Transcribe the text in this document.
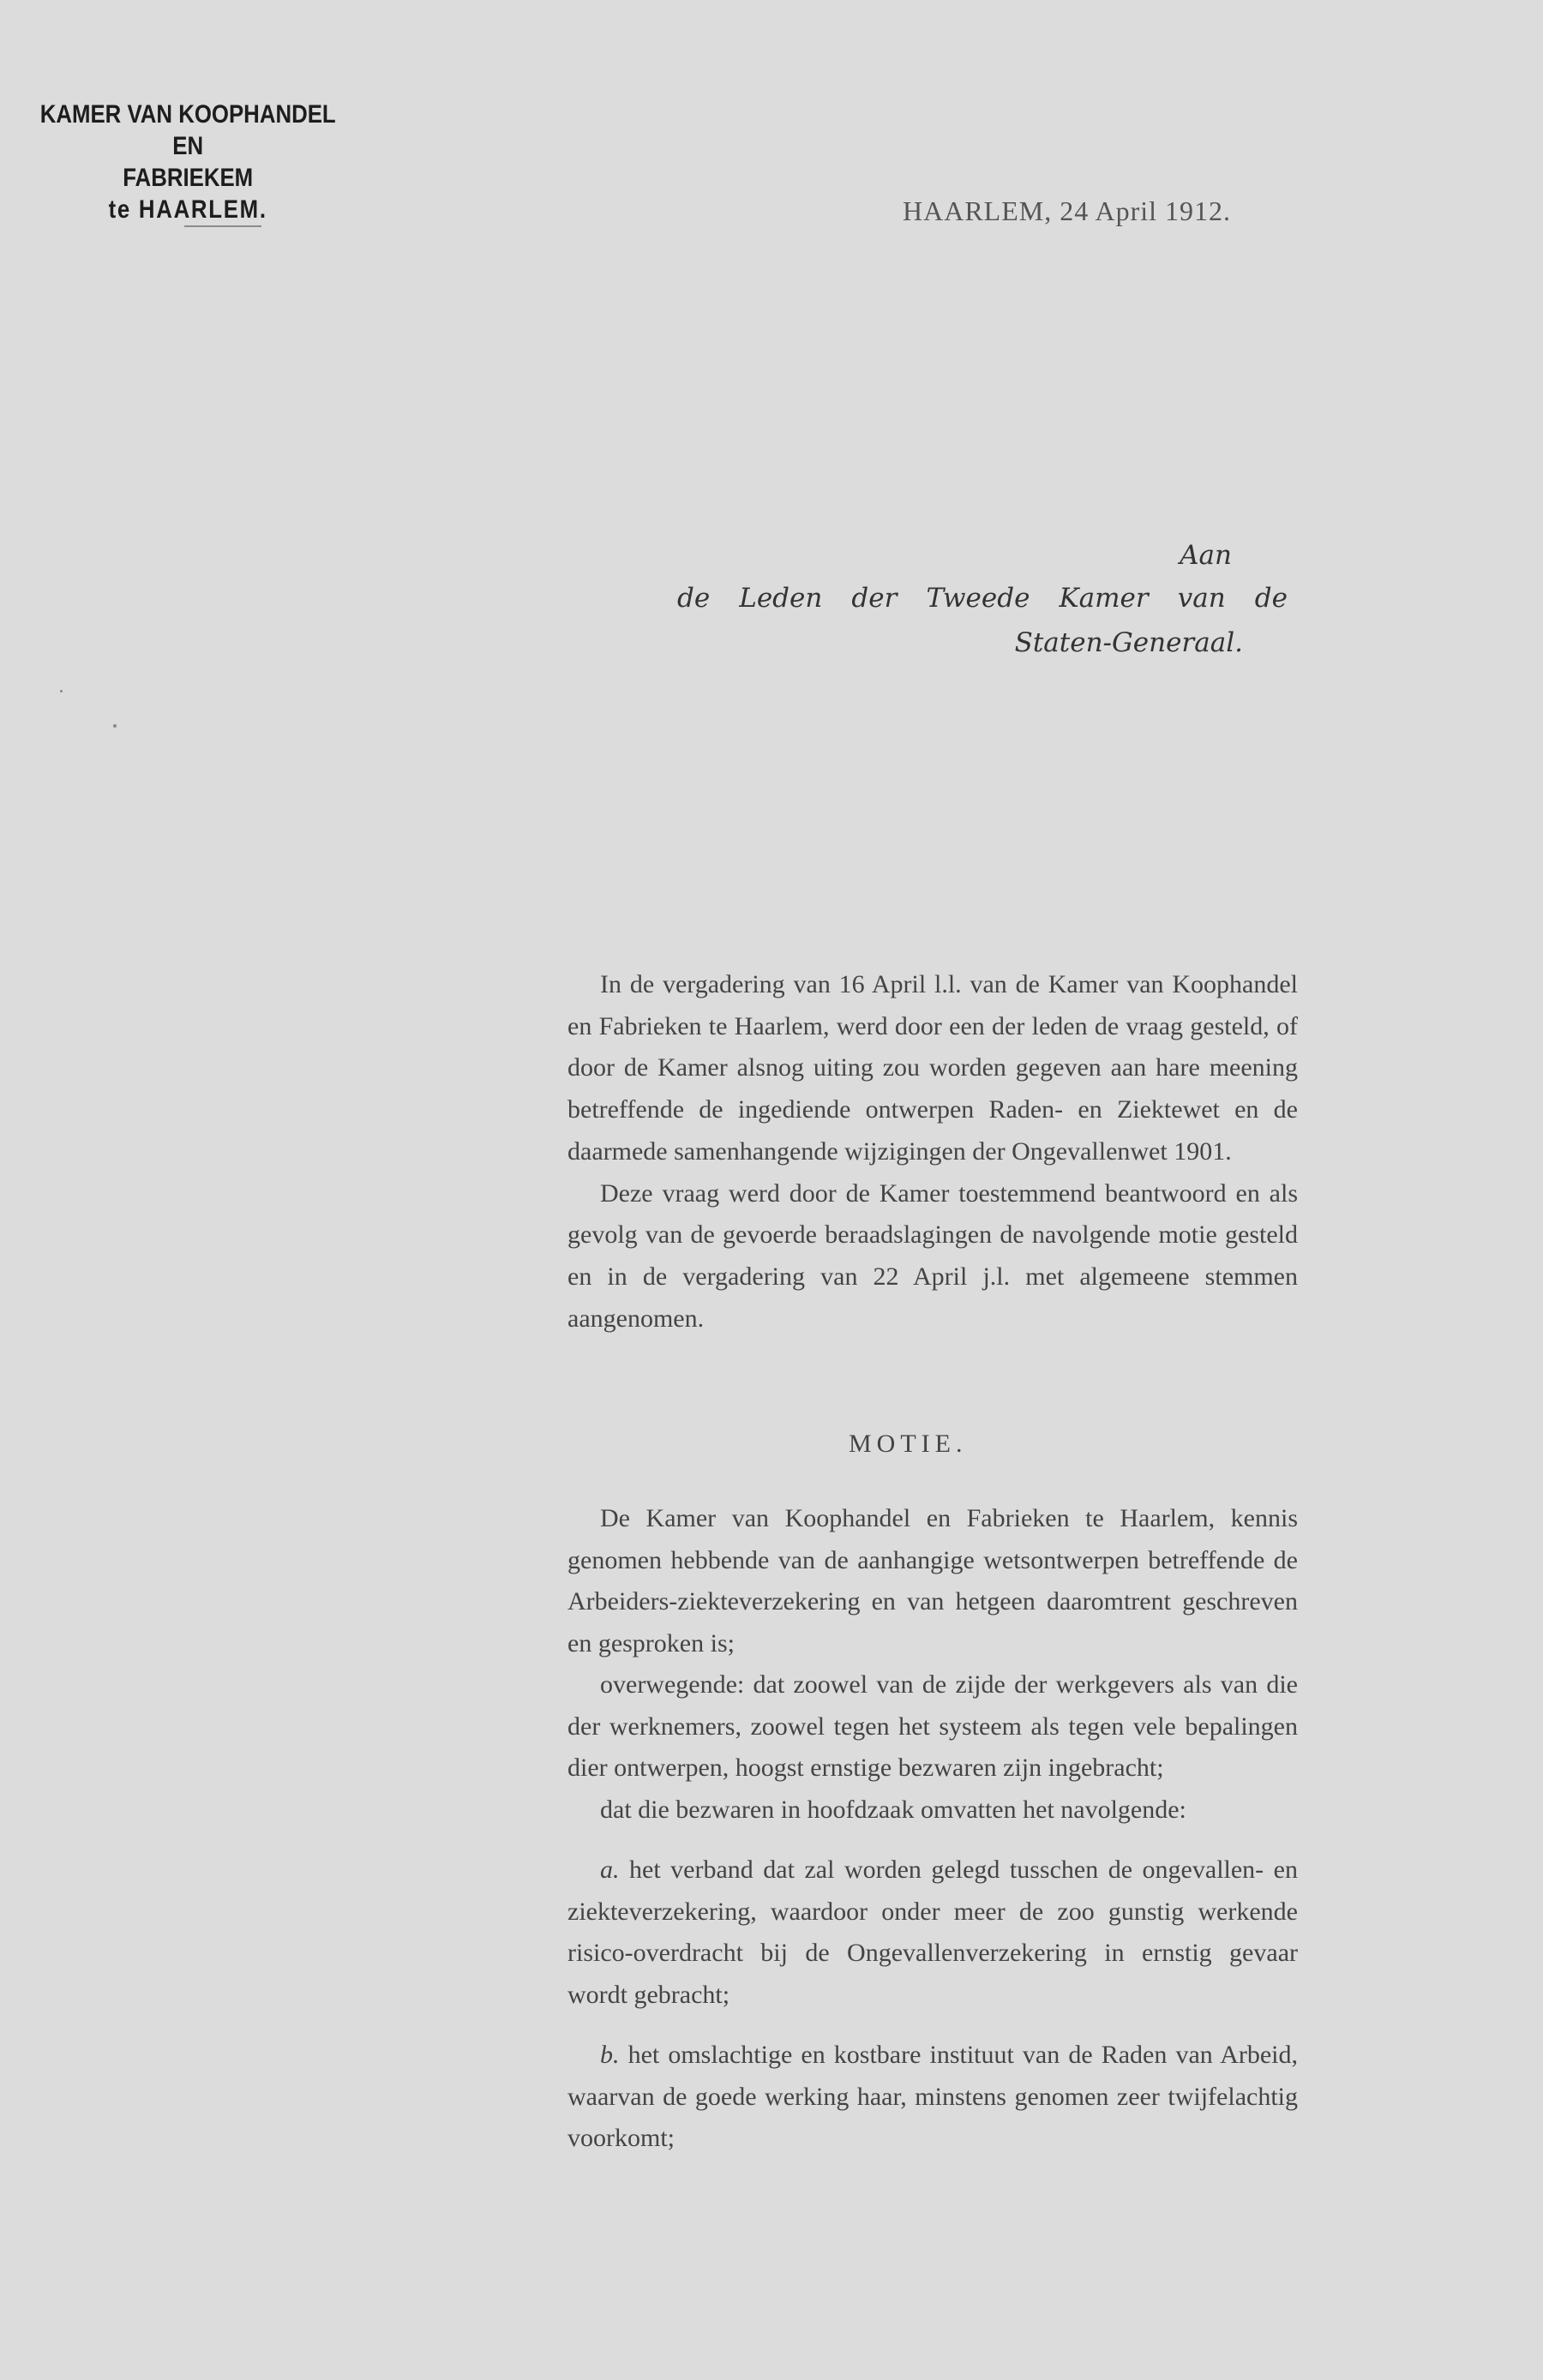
KAMER VAN KOOPHANDEL EN
FABRIEKEM
te HAARLEM.	HAARLEM, 24 April 1912.
Aan
de Leden der Tweede Kamer van de
Staten-Generaal.

In de vergadering van 16 April l.l. van de Kamer van Koophandel en Fabrieken te Haarlem, werd door een der leden de vraag gesteld, of door de Kamer alsnog uiting zou worden gegeven aan hare meening betreffende de ingediende ontwerpen Raden- en Ziektewet en de daarmede samenhangende wijzigingen der Ongevallenwet 1901.

Deze vraag werd door de Kamer toestemmend beantwoord en als gevolg van de gevoerde beraadslagingen de navolgende motie gesteld en in de vergadering van 22 April j.l. met algemeene stemmen aangenomen.

MOTIE.

De Kamer van Koophandel en Fabrieken te Haarlem, kennis genomen hebbende van de aanhangige wetsontwerpen betreffende de Arbeiders-ziekteverzekering en van hetgeen daaromtrent geschreven en gesproken is;

overwegende: dat zoowel van de zijde der werkgevers als van die der werknemers, zoowel tegen het systeem als tegen vele bepalingen dier ontwerpen, hoogst ernstige bezwaren zijn ingebracht;

dat die bezwaren in hoofdzaak omvatten het navolgende:

a. het verband dat zal worden gelegd tusschen de ongevallen- en ziekteverzekering, waardoor onder meer de zoo gunstig werkende risico-overdracht bij de Ongevallenverzekering in ernstig gevaar wordt gebracht;

b. het omslachtige en kostbare instituut van de Raden van Arbeid, waarvan de goede werking haar, minstens genomen zeer twijfelachtig voorkomt;
